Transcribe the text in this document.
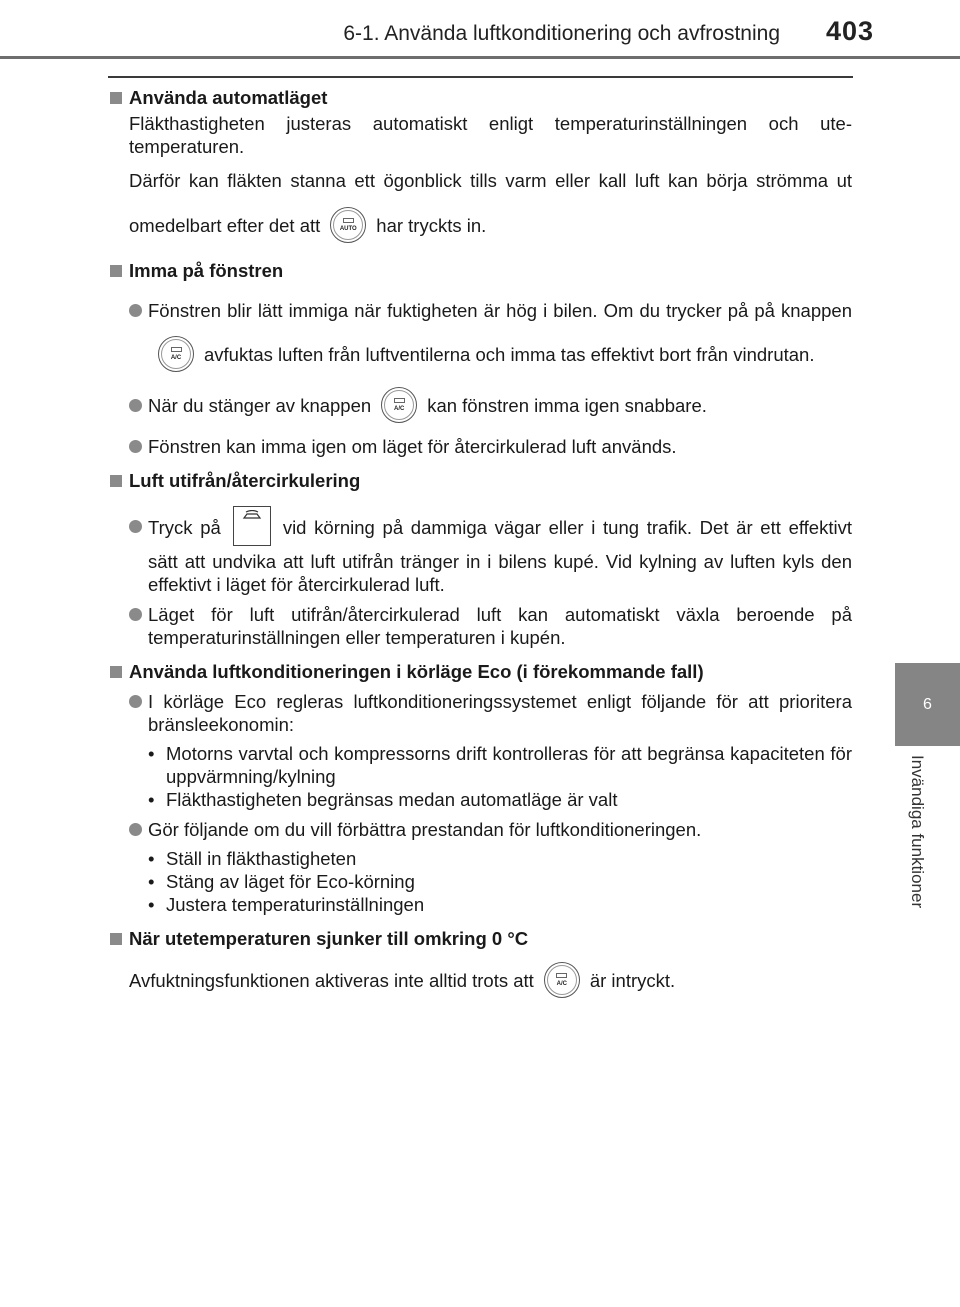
6-1. Använda luftkonditionering och avfrostning 403
6
Invändiga funktioner
Använda automatläget
Fläkthastigheten justeras automatiskt enligt temperaturinställningen och utetemperaturen.
Därför kan fläkten stanna ett ögonblick tills varm eller kall luft kan börja strömma ut omedelbart efter det att	AUTO har tryckts in.
Imma på fönstren
Fönstren blir lätt immiga när fuktigheten är hög i bilen. Om du trycker på på knappen
A/C avfuktas luften från luftventilerna och imma tas effektivt bort från vindrutan.
När du stänger av knappen	A/C kan fönstren imma igen snabbare.
Fönstren kan imma igen om läget för återcirkulerad luft används.
Luft utifrån/återcirkulering
Tryck på	vid körning på dammiga vägar eller i tung trafik. Det är ett effektivt sätt att undvika att luft utifrån tränger in i bilens kupé. Vid kylning av luften kyls den effektivt i läget för återcirkulerad luft.
Läget för luft utifrån/återcirkulerad luft kan automatiskt växla beroende på temperaturinställningen eller temperaturen i kupén.
Använda luftkonditioneringen i körläge Eco (i förekommande fall)
I körläge Eco regleras luftkonditioneringssystemet enligt följande för att prioritera bränsleekonomin:
• Motorns varvtal och kompressorns drift kontrolleras för att begränsa kapaciteten för uppvärmning/kylning
• Fläkthastigheten begränsas medan automatläge är valt
Gör följande om du vill förbättra prestandan för luftkonditioneringen.
• Ställ in fläkthastigheten
• Stäng av läget för Eco-körning
• Justera temperaturinställningen
När utetemperaturen sjunker till omkring 0 °C
Avfuktningsfunktionen aktiveras inte alltid trots att	A/C är intryckt.
